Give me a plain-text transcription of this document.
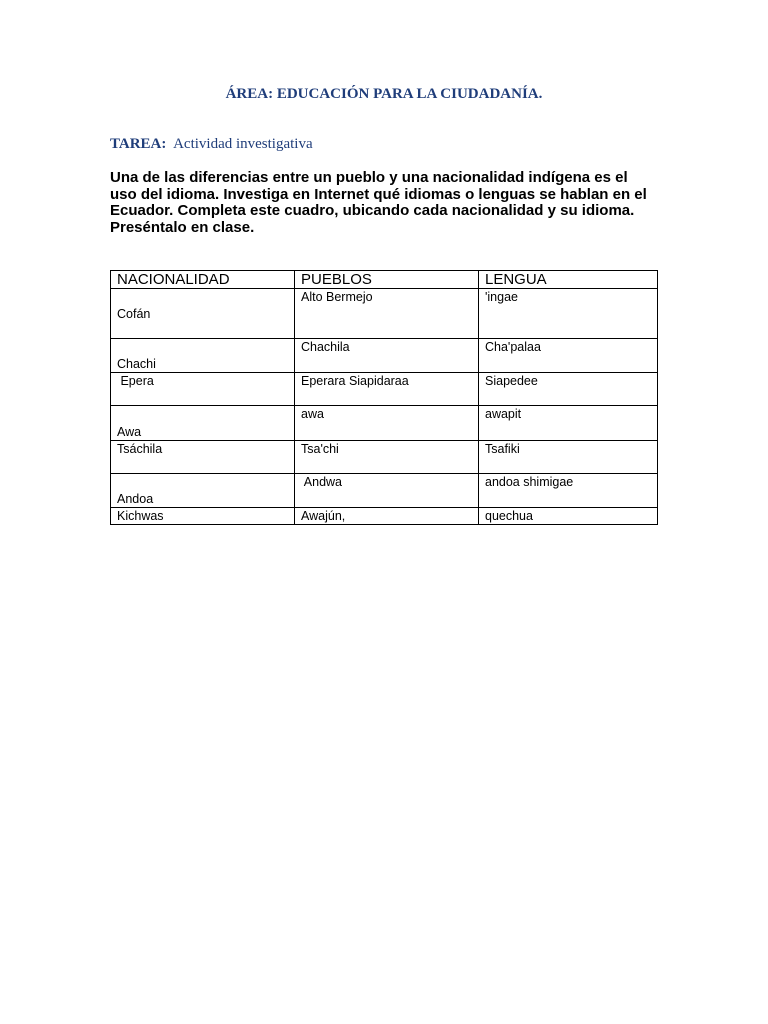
ÁREA: EDUCACIÓN PARA LA CIUDADANÍA.
TAREA: Actividad investigativa
Una de las diferencias entre un pueblo y una nacionalidad indígena es el uso del idioma. Investiga en Internet qué idiomas o lenguas se hablan en el Ecuador. Completa este cuadro, ubicando cada nacionalidad y su idioma. Preséntalo en clase.
NACIONALIDAD	PUEBLOS	LENGUA
Cofán	Alto Bermejo	'ingae
Chachi	Chachila	Cha'palaa
Epera	Eperara Siapidaraa	Siapedee
Awa	awa	awapit
Tsáchila	Tsa'chi	Tsafiki
Andoa	Andwa	andoa shimigae
Kichwas	Awajún,	quechua
